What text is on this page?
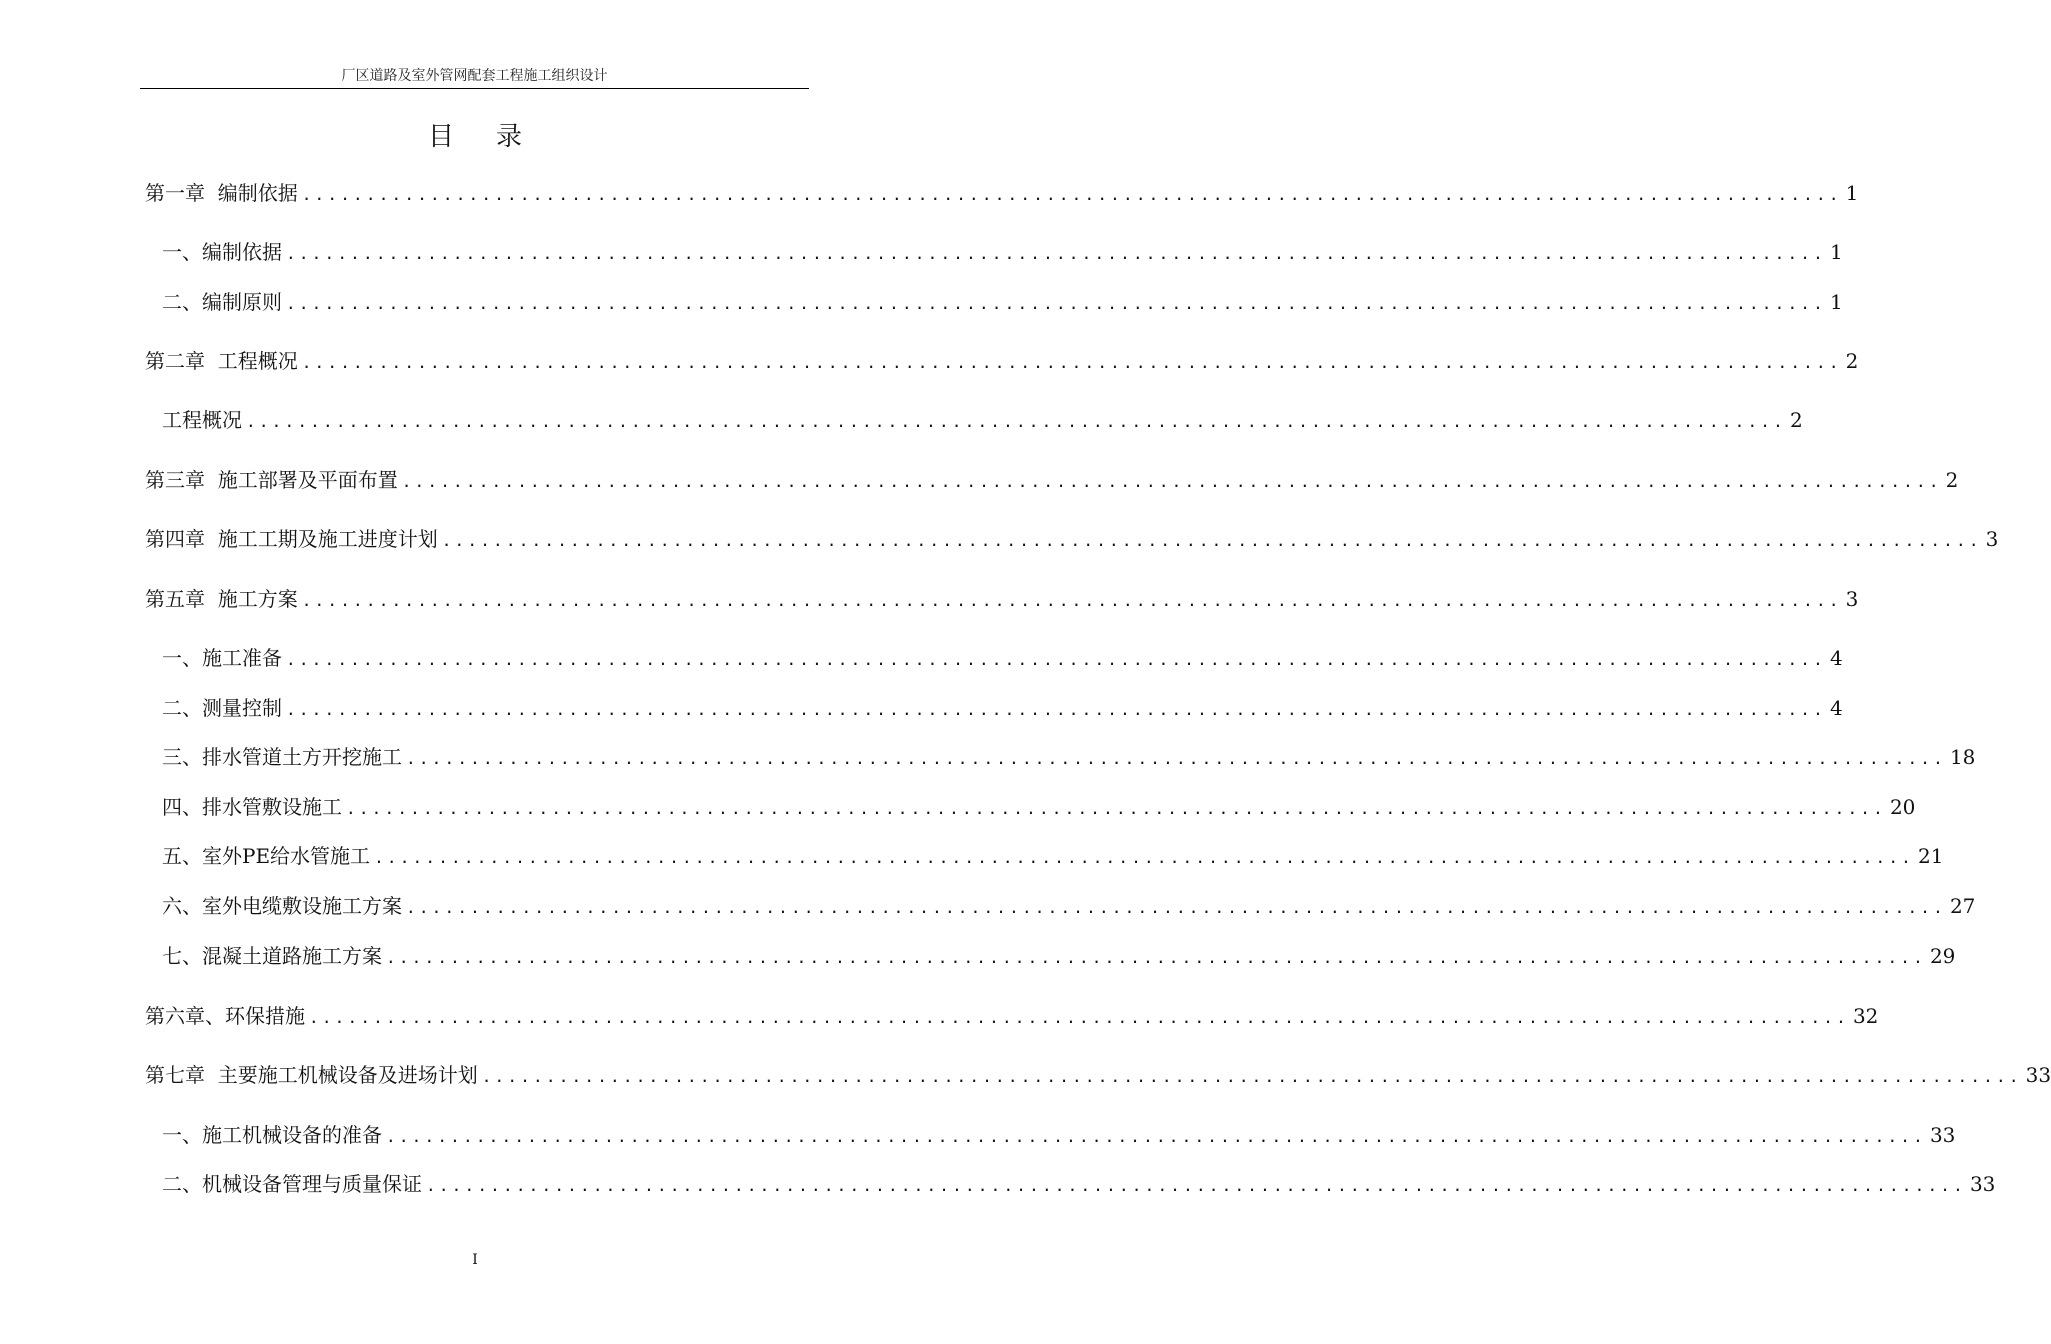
厂区道路及室外管网配套工程施工组织设计
目录
第一章  编制依据 ........................................................................................................................ 1
一、编制依据 ........................................................................................................................ 1
二、编制原则 ........................................................................................................................ 1
第二章  工程概况 ........................................................................................................................ 2
工程概况 ........................................................................................................................ 2
第三章  施工部署及平面布置 ........................................................................................................................ 2
第四章  施工工期及施工进度计划 ........................................................................................................................ 3
第五章  施工方案 ........................................................................................................................ 3
一、施工准备 ........................................................................................................................ 4
二、测量控制 ........................................................................................................................ 4
三、排水管道土方开挖施工 ........................................................................................................................ 18
四、排水管敷设施工 ........................................................................................................................ 20
五、室外PE给水管施工 ........................................................................................................................ 21
六、室外电缆敷设施工方案 ........................................................................................................................ 27
七、混凝土道路施工方案 ........................................................................................................................ 29
第六章、环保措施 ........................................................................................................................ 32
第七章  主要施工机械设备及进场计划 ........................................................................................................................ 33
一、施工机械设备的准备 ........................................................................................................................ 33
二、机械设备管理与质量保证 ........................................................................................................................ 33
I
